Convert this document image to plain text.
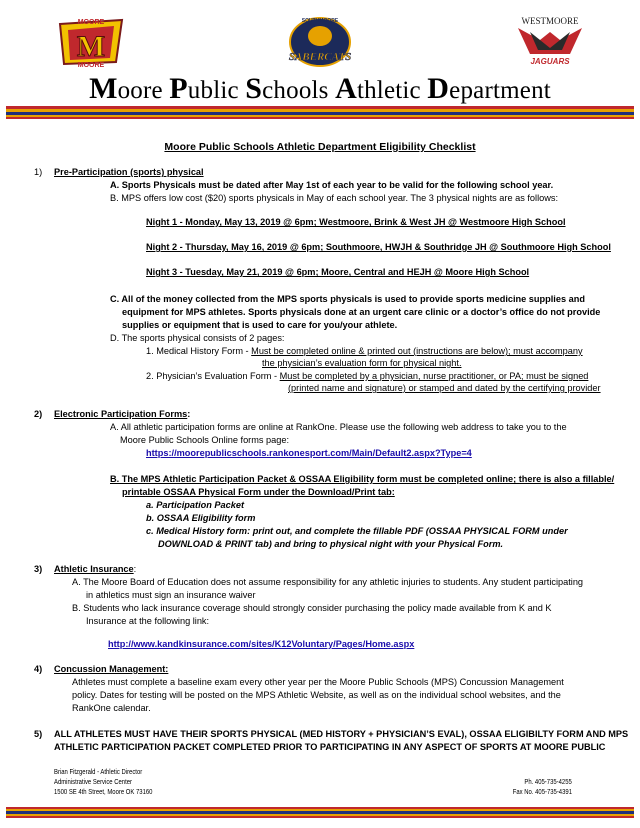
M
MOORE
MOORE
SOUTHMOORE
SABERCATS
WESTMOORE
JAGUARS
Moore Public Schools Athletic Department
Moore Public Schools Athletic Department Eligibility Checklist
1) Pre-Participation (sports) physical
A. Sports Physicals must be dated after May 1st of each year to be valid for the following school year.
B. MPS offers low cost ($20) sports physicals in May of each school year. The 3 physical nights are as follows:
Night 1 - Monday, May 13, 2019 @ 6pm; Westmoore, Brink & West JH @ Westmoore High School
Night 2 - Thursday, May 16, 2019 @ 6pm; Southmoore, HWJH & Southridge JH @ Southmoore High School
Night 3 - Tuesday, May 21, 2019 @ 6pm; Moore, Central and HEJH @ Moore High School
C. All of the money collected from the MPS sports physicals is used to provide sports medicine supplies and
equipment for MPS athletes. Sports physicals done at an urgent care clinic or a doctor’s office do not provide
supplies or equipment that is used to care for you/your athlete.
D. The sports physical consists of 2 pages:
1. Medical History Form - Must be completed online & printed out (instructions are below); must accompany
the physician’s evaluation form for physical night.
2. Physician’s Evaluation Form - Must be completed by a physician, nurse practitioner, or PA; must be signed
(printed name and signature) or stamped and dated by the certifying provider
2) Electronic Participation Forms:
A. All athletic participation forms are online at RankOne. Please use the following web address to take you to the
Moore Public Schools Online forms page:
https://moorepublicschools.rankonesport.com/Main/Default2.aspx?Type=4
B. The MPS Athletic Participation Packet & OSSAA Eligibility form must be completed online; there is also a fillable/
printable OSSAA Physical Form under the Download/Print tab:
a. Participation Packet
b. OSSAA Eligibility form
c. Medical History form: print out, and complete the fillable PDF (OSSAA PHYSICAL FORM under
DOWNLOAD & PRINT tab) and bring to physical night with your Physical Form.
3) Athletic Insurance:
A. The Moore Board of Education does not assume responsibility for any athletic injuries to students. Any student participating
in athletics must sign an insurance waiver
B. Students who lack insurance coverage should strongly consider purchasing the policy made available from K and K
Insurance at the following link:
http://www.kandkinsurance.com/sites/K12Voluntary/Pages/Home.aspx
4) Concussion Management:
Athletes must complete a baseline exam every other year per the Moore Public Schools (MPS) Concussion Management
policy. Dates for testing will be posted on the MPS Athletic Website, as well as on the individual school websites, and the
RankOne calendar.
5) ALL ATHLETES MUST HAVE THEIR SPORTS PHYSICAL (MED HISTORY + PHYSICIAN’S EVAL), OSSAA ELIGIBILTY FORM AND MPS
ATHLETIC PARTICIPATION PACKET COMPLETED PRIOR TO PARTICIPATING IN ANY ASPECT OF SPORTS AT MOORE PUBLIC
Brian Fitzgerald - Athletic Director
Administrative Service Center
1500 SE 4th Street, Moore OK 73160
Ph. 405-735-4255
Fax No. 405-735-4391
